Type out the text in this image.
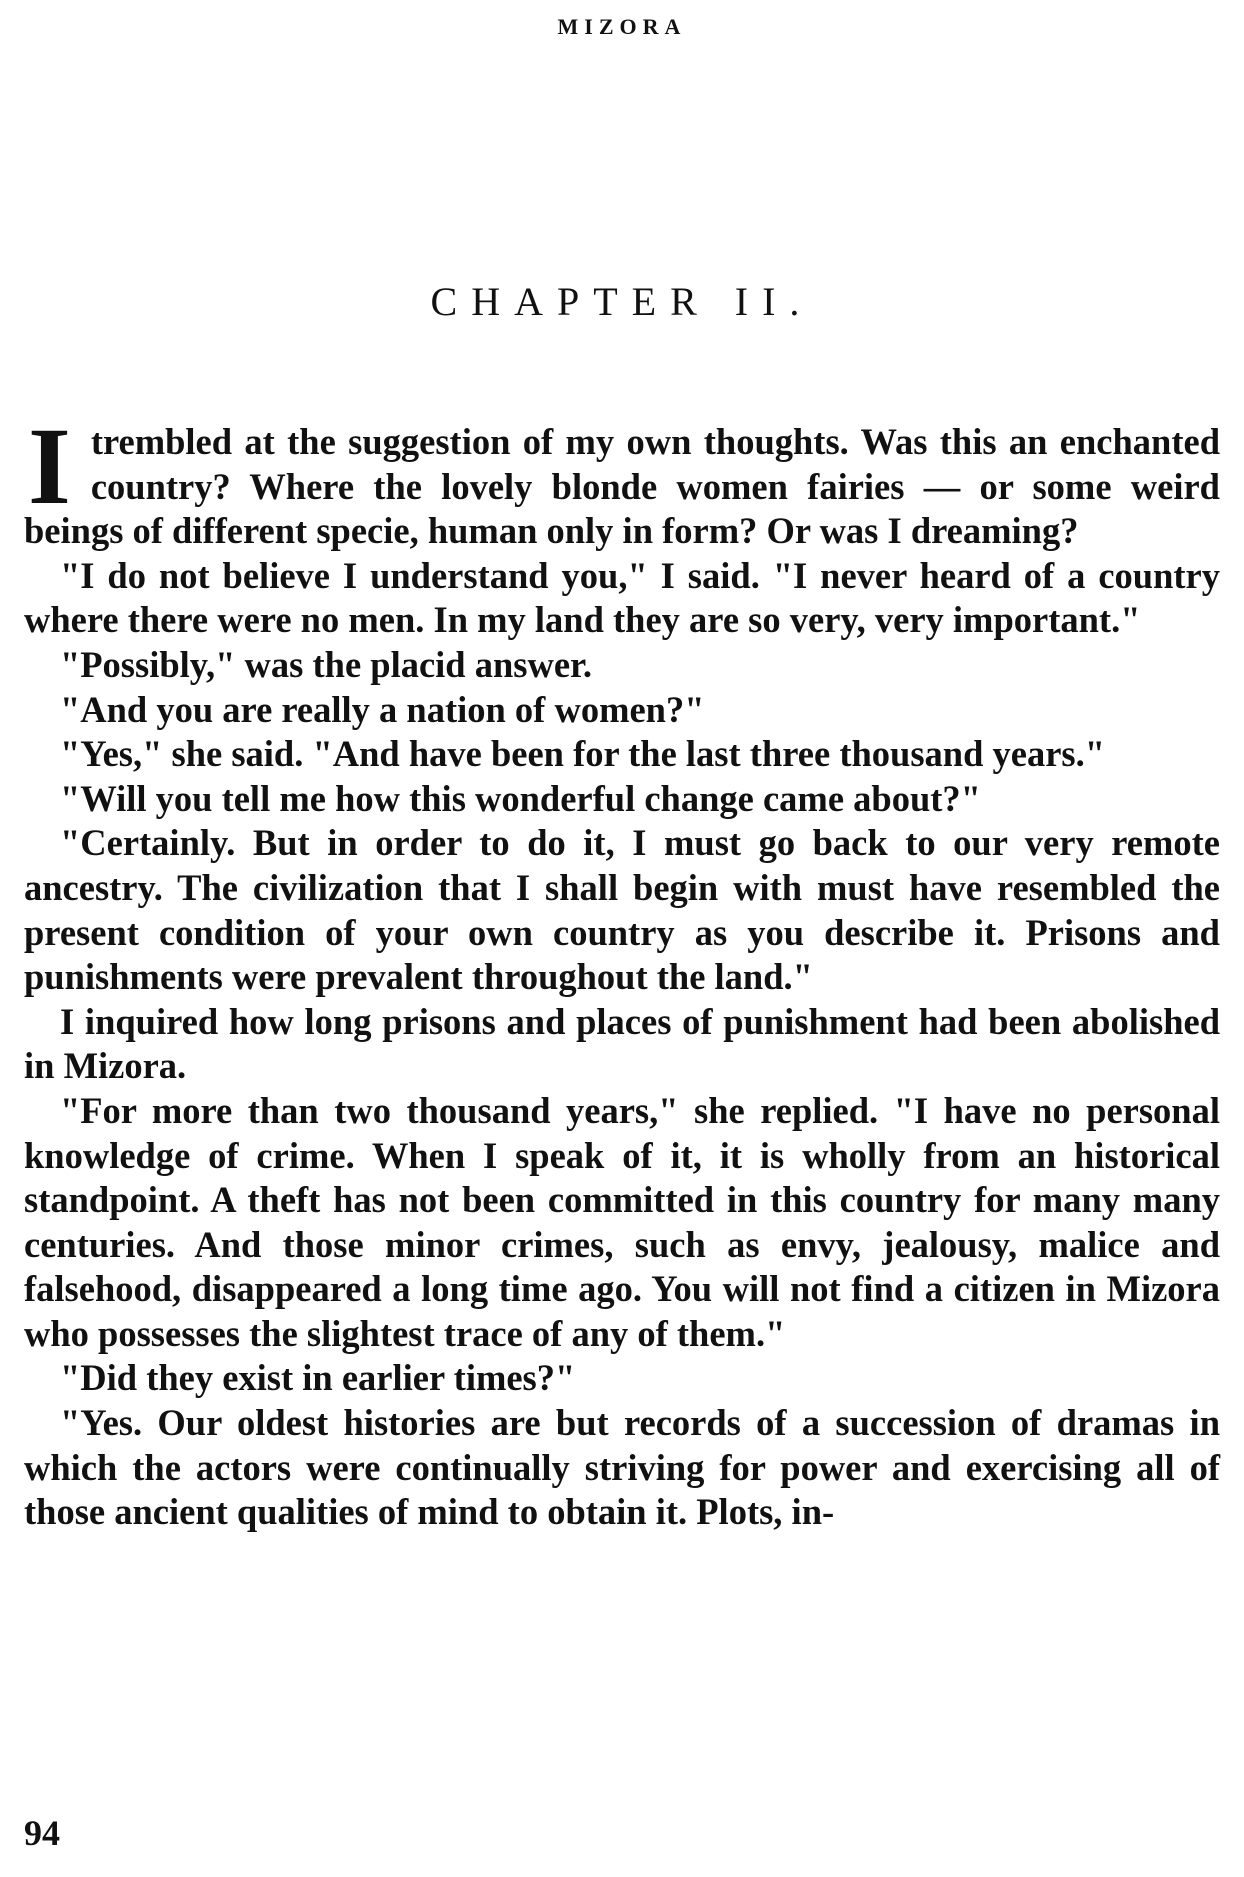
MIZORA
CHAPTER II.

Itrembled at the suggestion of my own thoughts. Was this an enchanted country? Where the lovely blonde women fairies — or some weird beings of different specie, human only in form? Or was I dreaming?

"I do not believe I understand you," I said. "I never heard of a country where there were no men. In my land they are so very, very important."

"Possibly," was the placid answer.

"And you are really a nation of women?"

"Yes," she said. "And have been for the last three thousand years."

"Will you tell me how this wonderful change came about?"

"Certainly. But in order to do it, I must go back to our very remote ancestry. The civilization that I shall begin with must have resembled the present condition of your own country as you describe it. Prisons and punishments were prevalent throughout the land."

I inquired how long prisons and places of punishment had been abolished in Mizora.

"For more than two thousand years," she replied. "I have no personal knowledge of crime. When I speak of it, it is wholly from an historical standpoint. A theft has not been committed in this country for many many centuries. And those minor crimes, such as envy, jealousy, malice and falsehood, disappeared a long time ago. You will not find a citizen in Mizora who possesses the slightest trace of any of them."

"Did they exist in earlier times?"

"Yes. Our oldest histories are but records of a succession of dramas in which the actors were continually striving for power and exercising all of those ancient qualities of mind to obtain it. Plots, in-

94
